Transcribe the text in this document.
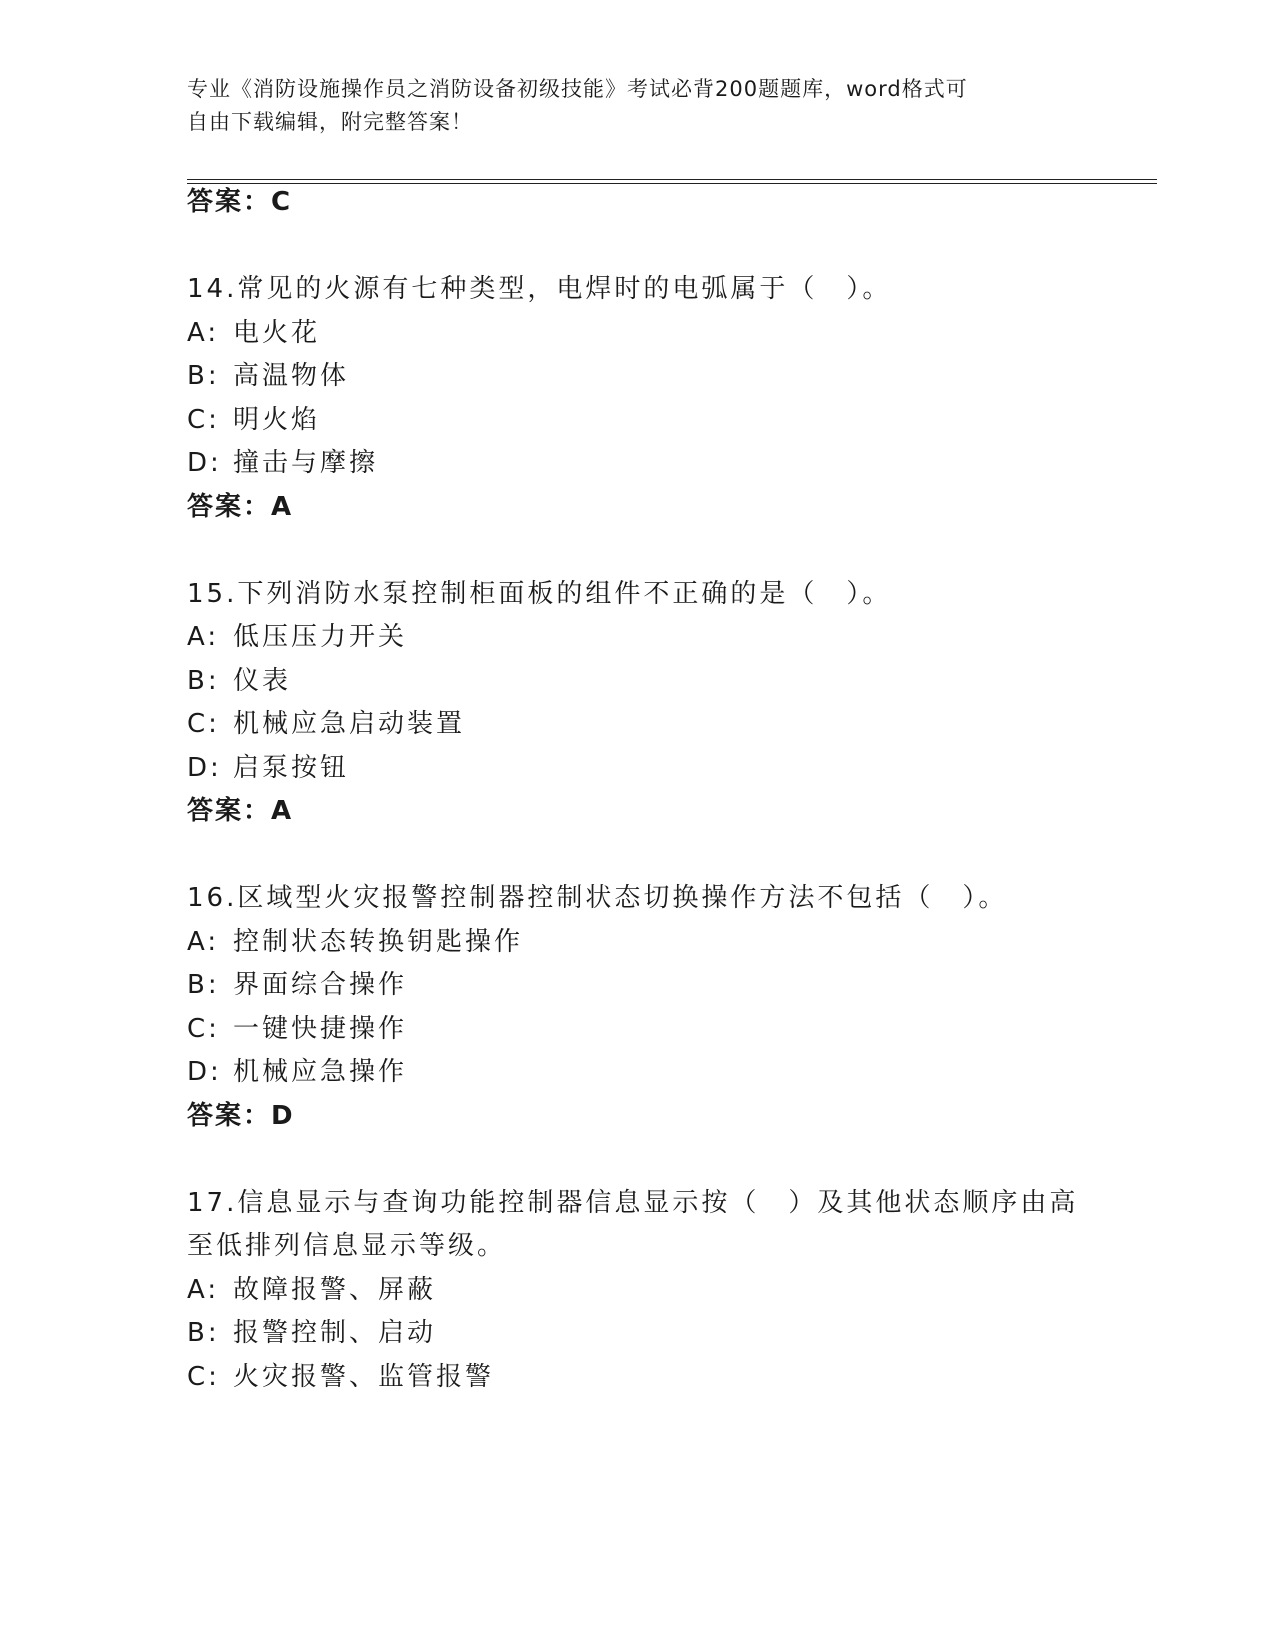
专业《消防设施操作员之消防设备初级技能》考试必背200题题库，word格式可
自由下载编辑，附完整答案！
答案：C
14.常见的火源有七种类型，电焊时的电弧属于（　）。
A: 电火花
B: 高温物体
C: 明火焰
D: 撞击与摩擦
答案：A
15.下列消防水泵控制柜面板的组件不正确的是（　）。
A: 低压压力开关
B: 仪表
C: 机械应急启动装置
D: 启泵按钮
答案：A
16.区域型火灾报警控制器控制状态切换操作方法不包括（　）。
A: 控制状态转换钥匙操作
B: 界面综合操作
C: 一键快捷操作
D: 机械应急操作
答案：D
17.信息显示与查询功能控制器信息显示按（　）及其他状态顺序由高
至低排列信息显示等级。
A: 故障报警、屏蔽
B: 报警控制、启动
C: 火灾报警、监管报警
